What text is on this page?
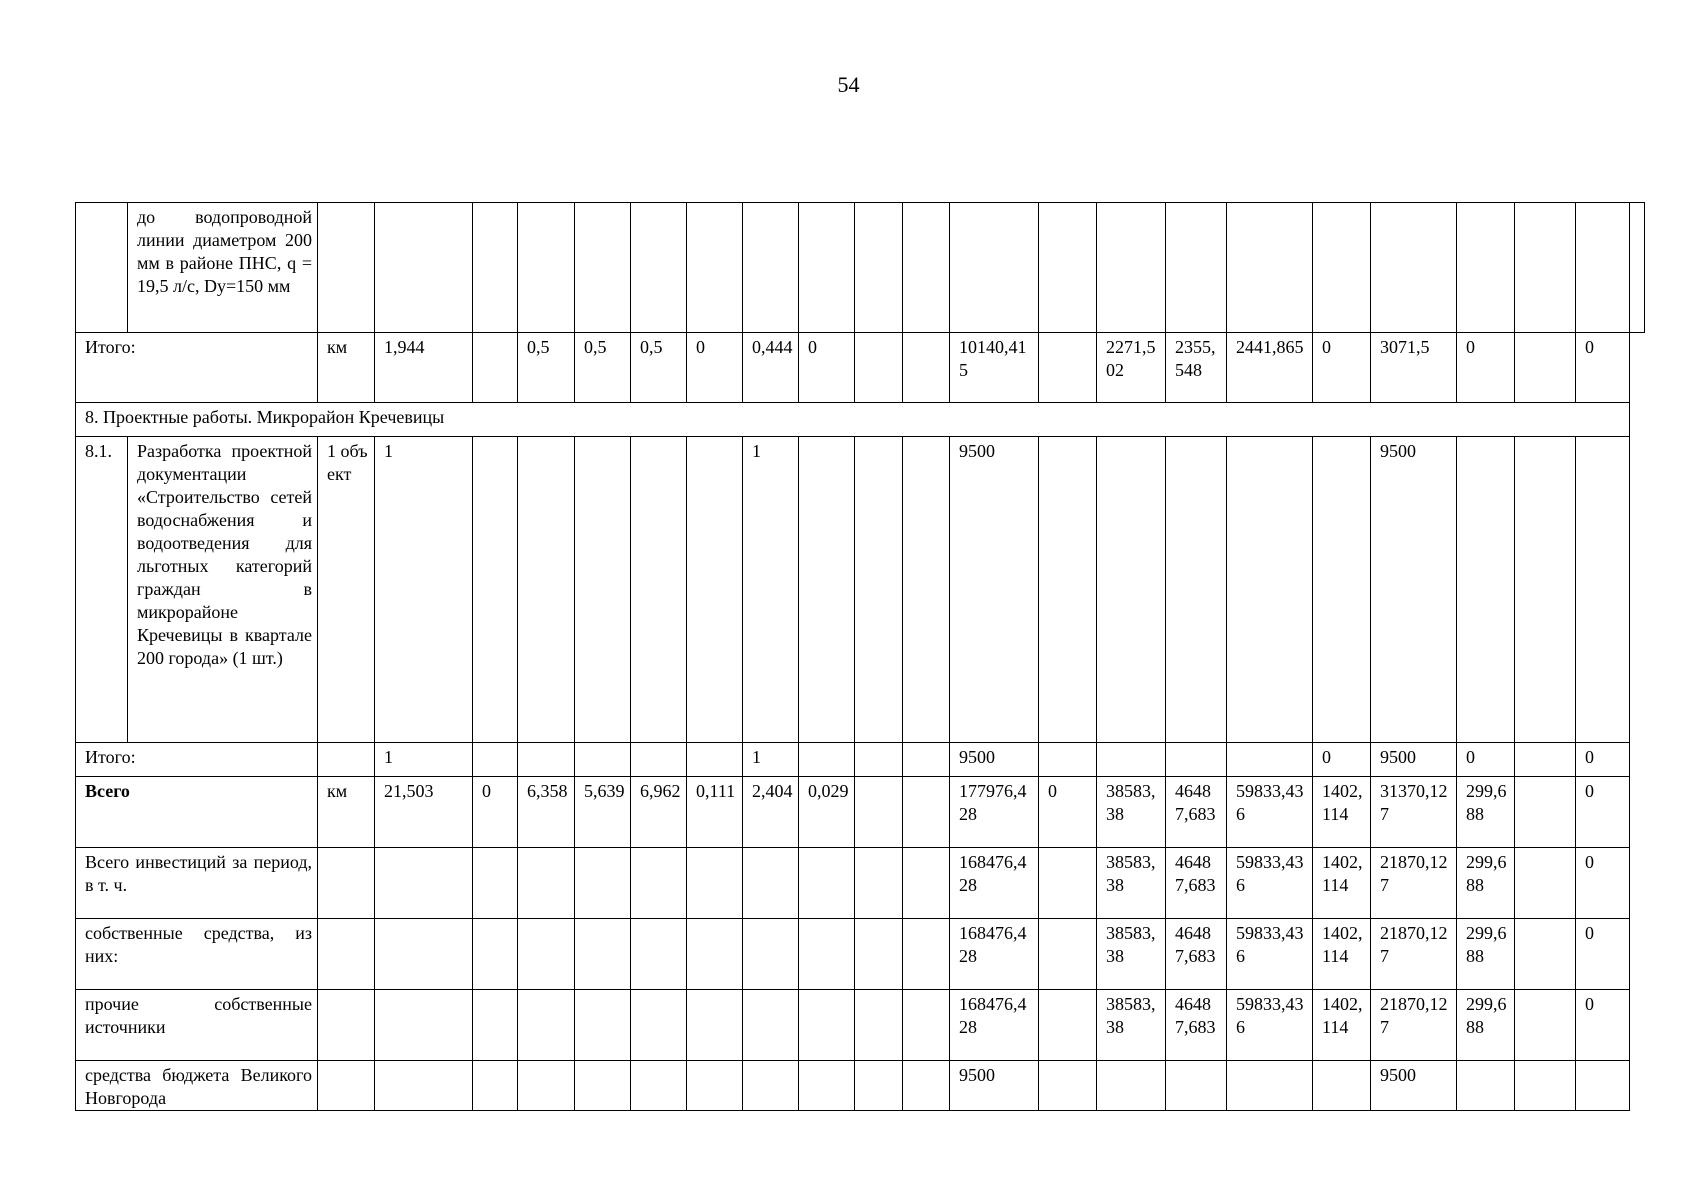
54
	до водопроводной линии диаметром 200 мм в районе ПНС, q = 19,5 л/с, Dy=150 мм																						
Итого:		км	1,944		0,5	0,5	0,5	0	0,444	0			10140,415		2271,502	2355,548	2441,865	0	3071,5	0		0	
8. Проектные работы. Микрорайон Кречевицы																							
8.1.	Разработка проектной документации «Строительство сетей водоснабжения и водоотведения для льготных категорий граждан в микрорайоне Кречевицы в квартале 200 города» (1 шт.)	1 объект	1						1				9500						9500				
Итого:			1						1				9500					0	9500	0		0	
Всего		км	21,503	0	6,358	5,639	6,962	0,111	2,404	0,029			177976,428	0	38583,38	46487,683	59833,436	1402,114	31370,127	299,688		0	
Всего инвестиций за период, в т. ч.													168476,428		38583,38	46487,683	59833,436	1402,114	21870,127	299,688		0	
собственные средства, из них:													168476,428		38583,38	46487,683	59833,436	1402,114	21870,127	299,688		0	
прочие собственные источники													168476,428		38583,38	46487,683	59833,436	1402,114	21870,127	299,688		0	
средства бюджета Великого Новгорода													9500						9500				
